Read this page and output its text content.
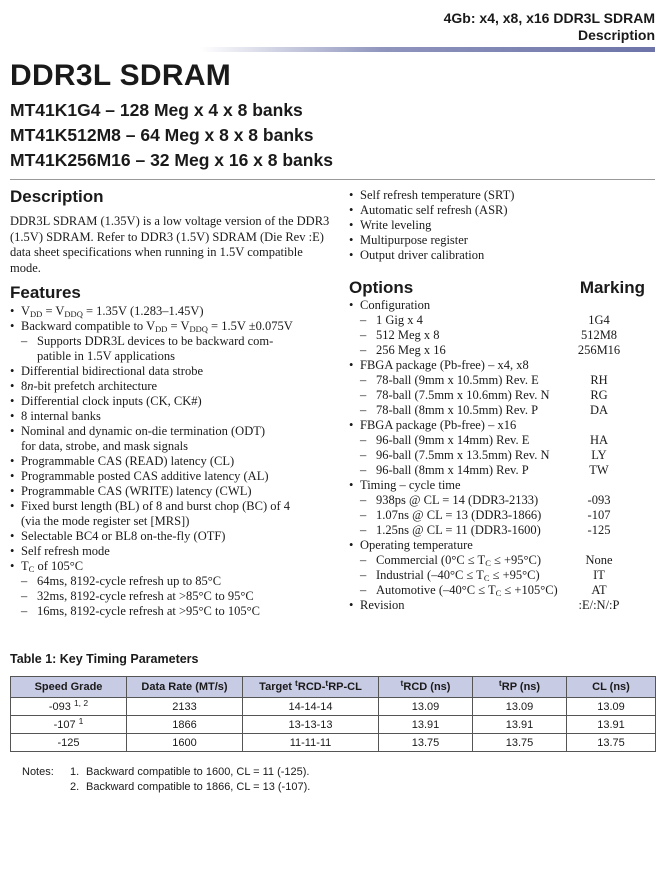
4Gb: x4, x8, x16 DDR3L SDRAM
Description
DDR3L SDRAM
MT41K1G4 – 128 Meg x 4 x 8 banks
MT41K512M8 – 64 Meg x 8 x 8 banks
MT41K256M16 – 32 Meg x 16 x 8 banks
Description

DDR3L SDRAM (1.35V) is a low voltage version of the DDR3 (1.5V) SDRAM. Refer to DDR3 (1.5V) SDRAM (Die Rev :E) data sheet specifications when running in 1.5V compatible mode.

Features
• $V_{DD} = V_{DDQ} = 1.35V$ (1.283–1.45V)
• Backward compatible to $V_{DD} = V_{DDQ} = 1.5V \pm 0.075V$
– Supports DDR3L devices to be backward com-
patible in 1.5V applications
• Differential bidirectional data strobe
• 8n-bit prefetch architecture
• Differential clock inputs (CK, CK#)
• 8 internal banks
• Nominal and dynamic on-die termination (ODT)
for data, strobe, and mask signals
• Programmable CAS (READ) latency (CL)
• Programmable posted CAS additive latency (AL)
• Programmable CAS (WRITE) latency (CWL)
• Fixed burst length (BL) of 8 and burst chop (BC) of 4
(via the mode register set [MRS])
• Selectable BC4 or BL8 on-the-fly (OTF)
• Self refresh mode
• $T_C$ of 105°C
– 64ms, 8192-cycle refresh up to 85°C
– 32ms, 8192-cycle refresh at >85°C to 95°C
– 16ms, 8192-cycle refresh at >95°C to 105°C
• Self refresh temperature (SRT)
• Automatic self refresh (ASR)
• Write leveling
• Multipurpose register
• Output driver calibration
Options	Marking
• Configuration
– 1 Gig x 4	1G4
– 512 Meg x 8	512M8
– 256 Meg x 16	256M16
• FBGA package (Pb-free) – x4, x8
– 78-ball (9mm x 10.5mm) Rev. E	RH
– 78-ball (7.5mm x 10.6mm) Rev. N	RG
– 78-ball (8mm x 10.5mm) Rev. P	DA
• FBGA package (Pb-free) – x16
– 96-ball (9mm x 14mm) Rev. E	HA
– 96-ball (7.5mm x 13.5mm) Rev. N	LY
– 96-ball (8mm x 14mm) Rev. P	TW
• Timing – cycle time
– 938ps @ CL = 14 (DDR3-2133)	-093
– 1.07ns @ CL = 13 (DDR3-1866)	-107
– 1.25ns @ CL = 11 (DDR3-1600)	-125
• Operating temperature
– Commercial $(0^\circ C \le T_C \le +95^\circ C)$	None
– Industrial $(-40^\circ C \le T_C \le +95^\circ C)$	IT
– Automotive $(-40^\circ C \le T_C \le +105^\circ C)$	AT
• Revision	:E/:N/:P
Table 1: Key Timing Parameters
Speed Grade	Data Rate (MT/s)	Target $^t$RCD-$^t$RP-CL	$^t$RCD (ns)	$^t$RP (ns)	CL (ns)
-093 $^{1, 2}$	2133	14-14-14	13.09	13.09	13.09
-107 $^1$	1866	13-13-13	13.91	13.91	13.91
-125	1600	11-11-11	13.75	13.75	13.75
Notes: 1. Backward compatible to 1600, CL = 11 (-125).
2. Backward compatible to 1866, CL = 13 (-107).
